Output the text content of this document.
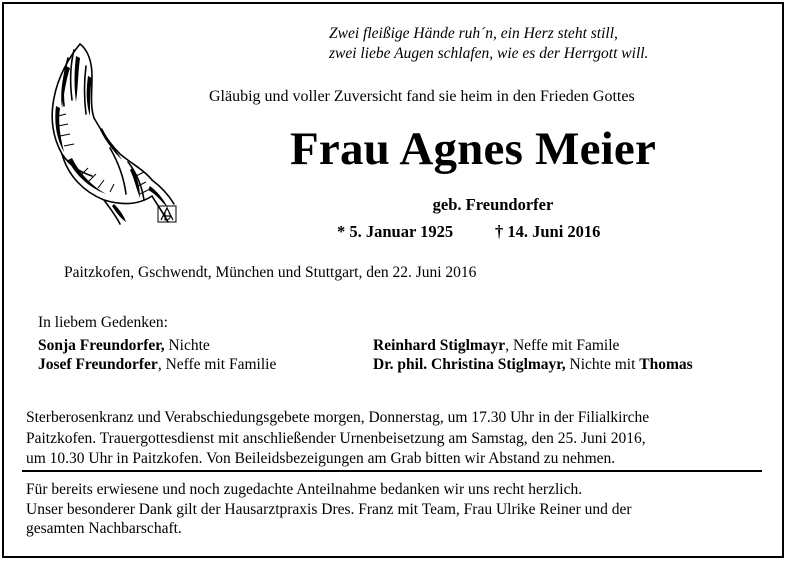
Zwei fleißige Hände ruh´n, ein Herz steht still,
zwei liebe Augen schlafen, wie es der Herrgott will.
Gläubig und voller Zuversicht fand sie heim in den Frieden Gottes
Frau Agnes Meier
geb. Freundorfer
* 5. Januar 1925	† 14. Juni 2016
Paitzkofen, Gschwendt, München und Stuttgart, den 22. Juni 2016
In liebem Gedenken:
Sonja Freundorfer, Nichte
Josef Freundorfer, Neffe mit Familie
Reinhard Stiglmayr, Neffe mit Famile
Dr. phil. Christina Stiglmayr, Nichte mit Thomas
Sterberosenkranz und Verabschiedungsgebete morgen, Donnerstag, um 17.30 Uhr in der Filialkirche
Paitzkofen. Trauergottesdienst mit anschließender Urnenbeisetzung am Samstag, den 25. Juni 2016,
um 10.30 Uhr in Paitzkofen. Von Beileidsbezeigungen am Grab bitten wir Abstand zu nehmen.
Für bereits erwiesene und noch zugedachte Anteilnahme bedanken wir uns recht herzlich.
Unser besonderer Dank gilt der Hausarztpraxis Dres. Franz mit Team, Frau Ulrike Reiner und der
gesamten Nachbarschaft.
